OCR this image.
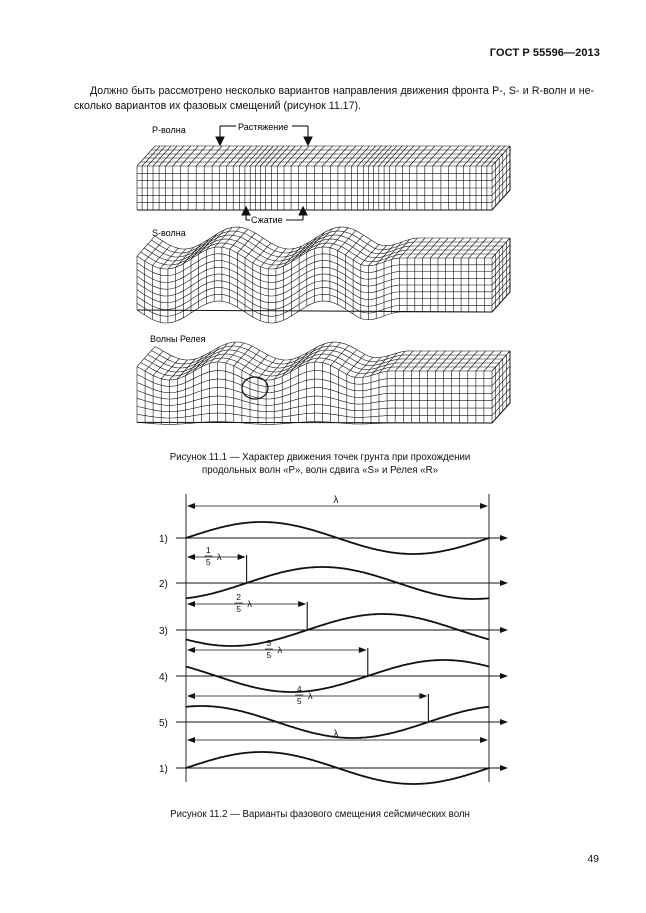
ГОСТ Р 55596—2013
Должно быть рассмотрено несколько вариантов направления движения фронта P-, S- и R-волн и не-
сколько вариантов их фазовых смещений (рисунок 11.17).
P-волна	Растяжение
Сжатие
S-волна
Волны Релея
Рисунок 11.1 — Характер движения точек грунта при прохождении
продольных волн «P», волн сдвига «S» и Релея «R»
λ
λ
1)
2)
1
5 λ
3)
2
5 λ
4)
3
5 λ
5)
4
5 λ
1)
Рисунок 11.2 — Варианты фазового смещения сейсмических волн
49
